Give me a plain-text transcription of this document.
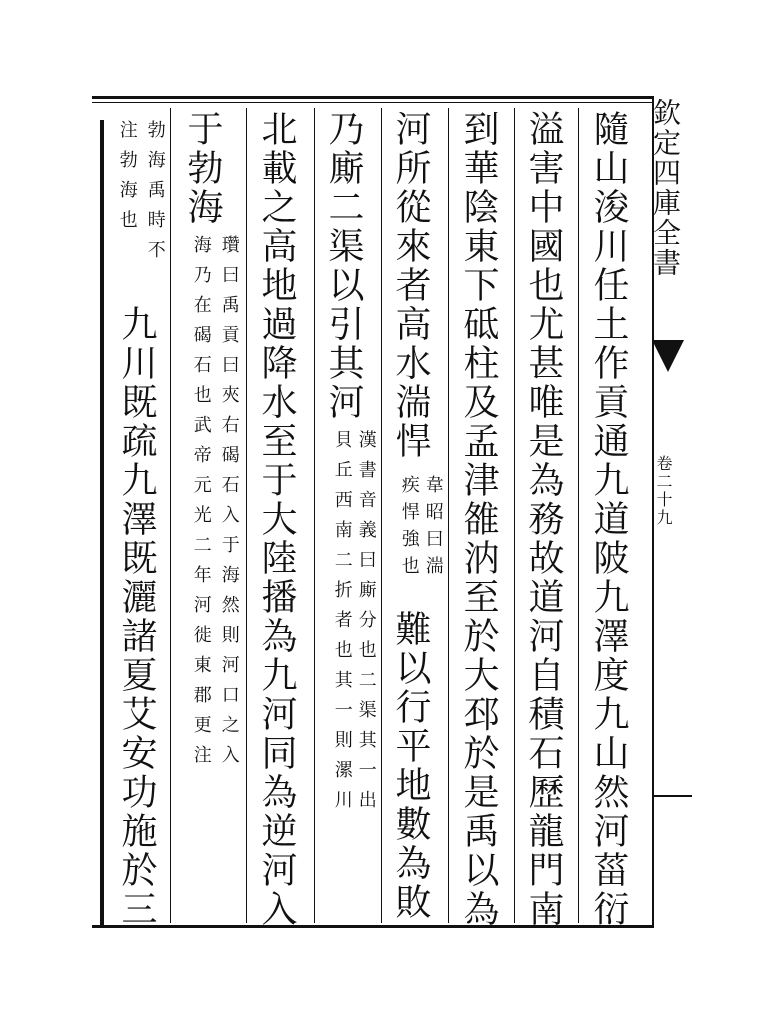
欽定四庫全書
卷二十九
隨山浚川任土作貢通九道陂九澤度九山然河菑衍
溢害中國也尤甚唯是為務故道河自積石歷龍門南
到華陰東下砥柱及孟津雒汭至於大邳於是禹以為
河所從來者高水湍悍
韋昭曰湍
疾悍強也
難以行平地數為敗
乃廝二渠以引其河
漢書音義曰廝分也二渠其一出
貝丘西南二折者也其一則漯川
北載之高地過降水至于大陸播為九河同為逆河入
于勃海
瓚曰禹貢曰夾右碣石入于海然則河口之入
海乃在碣石也武帝元光二年河徙東郡更注
勃海禹時不
注勃海也
九川既疏九澤既灑諸夏艾安功施於三
